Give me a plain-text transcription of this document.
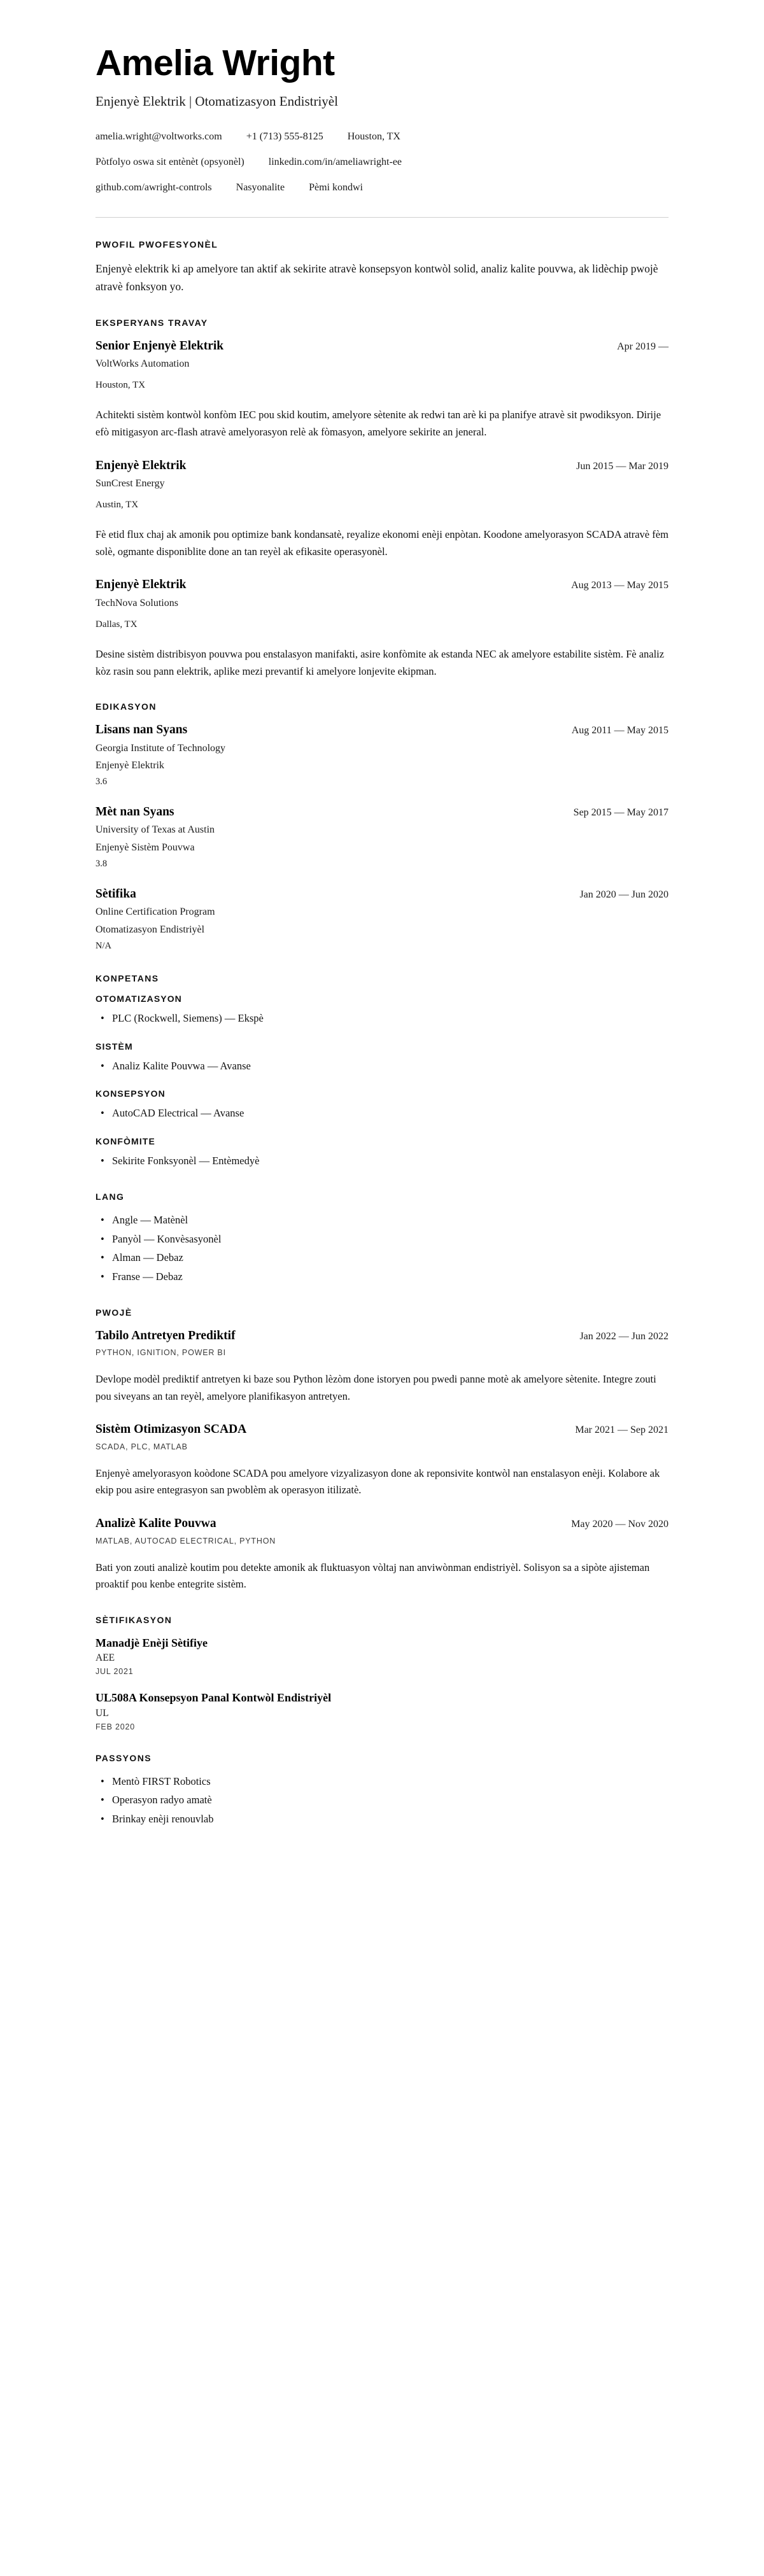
Amelia Wright
Enjenyè Elektrik | Otomatizasyon Endistriyèl
amelia.wright@voltworks.com +1 (713) 555-8125 Houston, TX
Pòtfolyo oswa sit entènèt (opsyonèl) linkedin.com/in/ameliawright-ee
github.com/awright-controls Nasyonalite Pèmi kondwi
PWOFIL PWOFESYONÈL

Enjenyè elektrik ki ap amelyore tan aktif ak sekirite atravè konsepsyon kontwòl solid, analiz kalite pouvwa, ak lidèchip pwojè atravè fonksyon yo.

EKSPERYANS TRAVAY
Senior Enjenyè Elektrik	Apr 2019 —
VoltWorks Automation
Houston, TX
Achitekti sistèm kontwòl konfòm IEC pou skid koutim, amelyore sètenite ak redwi tan arè ki pa planifye atravè sit pwodiksyon. Dirije efò mitigasyon arc-flash atravè amelyorasyon relè ak fòmasyon, amelyore sekirite an jeneral.
Enjenyè Elektrik	Jun 2015 — Mar 2019
SunCrest Energy
Austin, TX
Fè etid flux chaj ak amonik pou optimize bank kondansatè, reyalize ekonomi enèji enpòtan. Koodone amelyorasyon SCADA atravè fèm solè, ogmante disponiblite done an tan reyèl ak efikasite operasyonèl.
Enjenyè Elektrik	Aug 2013 — May 2015
TechNova Solutions
Dallas, TX
Desine sistèm distribisyon pouvwa pou enstalasyon manifakti, asire konfòmite ak estanda NEC ak amelyore estabilite sistèm. Fè analiz kòz rasin sou pann elektrik, aplike mezi prevantif ki amelyore lonjevite ekipman.
EDIKASYON
Lisans nan Syans	Aug 2011 — May 2015
Georgia Institute of Technology
Enjenyè Elektrik
3.6
Mèt nan Syans	Sep 2015 — May 2017
University of Texas at Austin
Enjenyè Sistèm Pouvwa
3.8
Sètifika	Jan 2020 — Jun 2020
Online Certification Program
Otomatizasyon Endistriyèl
N/A
KONPETANS
OTOMATIZASYON
• PLC (Rockwell, Siemens) — Ekspè
SISTÈM
• Analiz Kalite Pouvwa — Avanse
KONSEPSYON
• AutoCAD Electrical — Avanse
KONFÒMITE
• Sekirite Fonksyonèl — Entèmedyè
LANG
• Angle — Matènèl
• Panyòl — Konvèsasyonèl
• Alman — Debaz
• Franse — Debaz
PWOJÈ
Tabilo Antretyen Prediktif	Jan 2022 — Jun 2022
PYTHON, IGNITION, POWER BI
Devlope modèl prediktif antretyen ki baze sou Python lèzòm done istoryen pou pwedi panne motè ak amelyore sètenite. Integre zouti pou siveyans an tan reyèl, amelyore planifikasyon antretyen.
Sistèm Otimizasyon SCADA	Mar 2021 — Sep 2021
SCADA, PLC, MATLAB
Enjenyè amelyorasyon koòdone SCADA pou amelyore vizyalizasyon done ak reponsivite kontwòl nan enstalasyon enèji. Kolabore ak ekip pou asire entegrasyon san pwoblèm ak operasyon itilizatè.
Analizè Kalite Pouvwa	May 2020 — Nov 2020
MATLAB, AUTOCAD ELECTRICAL, PYTHON
Bati yon zouti analizè koutim pou detekte amonik ak fluktuasyon vòltaj nan anviwònman endistriyèl. Solisyon sa a sipòte ajisteman proaktif pou kenbe entegrite sistèm.
SÈTIFIKASYON
Manadjè Enèji Sètifiye
AEE
JUL 2021
UL508A Konsepsyon Panal Kontwòl Endistriyèl
UL
FEB 2020
PASSYONS
• Mentò FIRST Robotics
• Operasyon radyo amatè
• Brinkay enèji renouvlab
